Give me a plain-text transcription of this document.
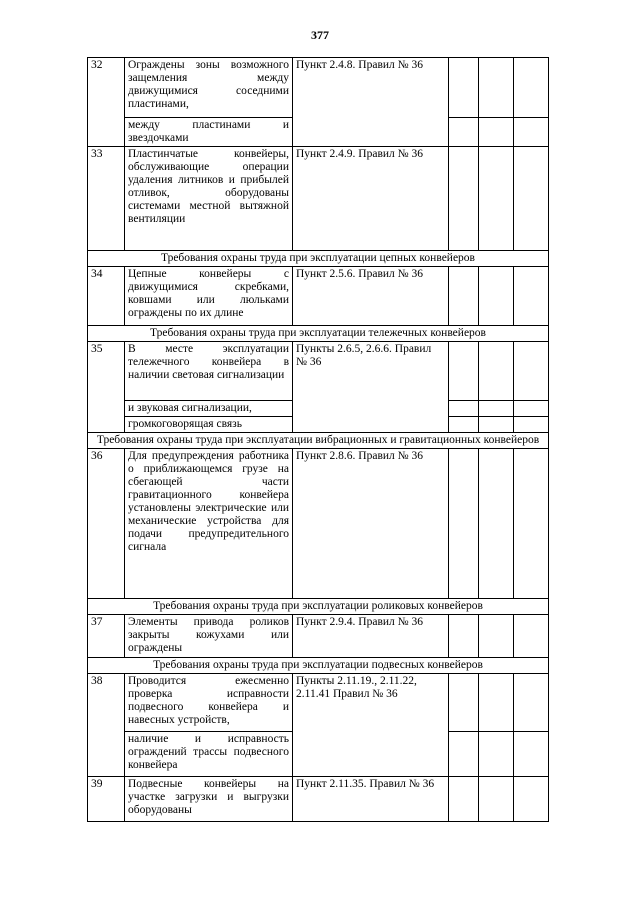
377
32	Ограждены зоны возможного защемления между движущимися соседними пластинами,	Пункт 2.4.8. Правил № 36			
	между пластинами и звездочками				
33	Пластинчатые конвейеры, обслуживающие операции удаления литников и прибылей отливок, оборудованы системами местной вытяжной вентиляции	Пункт 2.4.9. Правил № 36			
Требования охраны труда при эксплуатации цепных конвейеров					
34	Цепные конвейеры с движущимися скребками, ковшами или люльками ограждены по их длине	Пункт 2.5.6. Правил № 36			
Требования охраны труда при эксплуатации тележечных конвейеров					
35	В месте эксплуатации тележечного конвейера в наличии световая сигнализации	Пункты 2.6.5, 2.6.6. Правил № 36			
	и звуковая сигнализации,				
	громкоговорящая связь				
Требования охраны труда при эксплуатации вибрационных и гравитационных конвейеров					
36	Для предупреждения работника о приближающемся грузе на сбегающей части гравитационного конвейера установлены электрические или механические устройства для подачи предупредительного сигнала	Пункт 2.8.6. Правил № 36			
Требования охраны труда при эксплуатации роликовых конвейеров					
37	Элементы привода роликов закрыты кожухами или ограждены	Пункт 2.9.4. Правил № 36			
Требования охраны труда при эксплуатации подвесных конвейеров					
38	Проводится ежесменно проверка исправности подвесного конвейера и навесных устройств,	Пункты 2.11.19., 2.11.22, 2.11.41 Правил № 36			
	наличие и исправность ограждений трассы подвесного конвейера				
39	Подвесные конвейеры на участке загрузки и выгрузки оборудованы	Пункт 2.11.35. Правил № 36			
